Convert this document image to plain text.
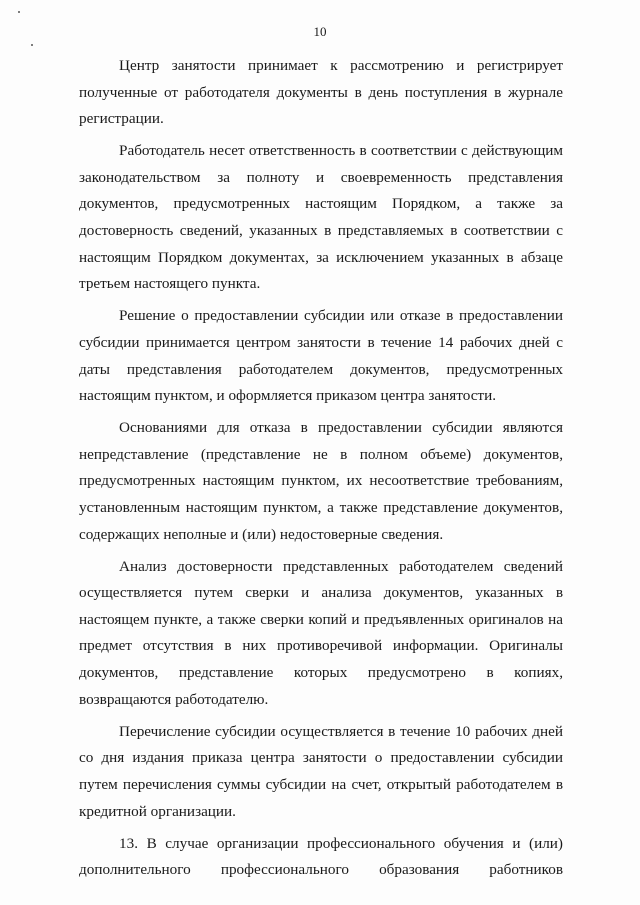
10

Центр занятости принимает к рассмотрению и регистрирует полученные от работодателя документы в день поступления в журнале регистрации.

Работодатель несет ответственность в соответствии с действующим законодательством за полноту и своевременность представления документов, предусмотренных настоящим Порядком, а также за достоверность сведений, указанных в представляемых в соответствии с настоящим Порядком документах, за исключением указанных в абзаце третьем настоящего пункта.

Решение о предоставлении субсидии или отказе в предоставлении субсидии принимается центром занятости в течение 14 рабочих дней с даты представления работодателем документов, предусмотренных настоящим пунктом, и оформляется приказом центра занятости.

Основаниями для отказа в предоставлении субсидии являются непредставление (представление не в полном объеме) документов, предусмотренных настоящим пунктом, их несоответствие требованиям, установленным настоящим пунктом, а также представление документов, содержащих неполные и (или) недостоверные сведения.

Анализ достоверности представленных работодателем сведений осуществляется путем сверки и анализа документов, указанных в настоящем пункте, а также сверки копий и предъявленных оригиналов на предмет отсутствия в них противоречивой информации. Оригиналы документов, представление которых предусмотрено в копиях, возвращаются работодателю.

Перечисление субсидии осуществляется в течение 10 рабочих дней со дня издания приказа центра занятости о предоставлении субсидии путем перечисления суммы субсидии на счет, открытый работодателем в кредитной организации.

13. В случае организации профессионального обучения и (или) дополнительного профессионального образования работников
